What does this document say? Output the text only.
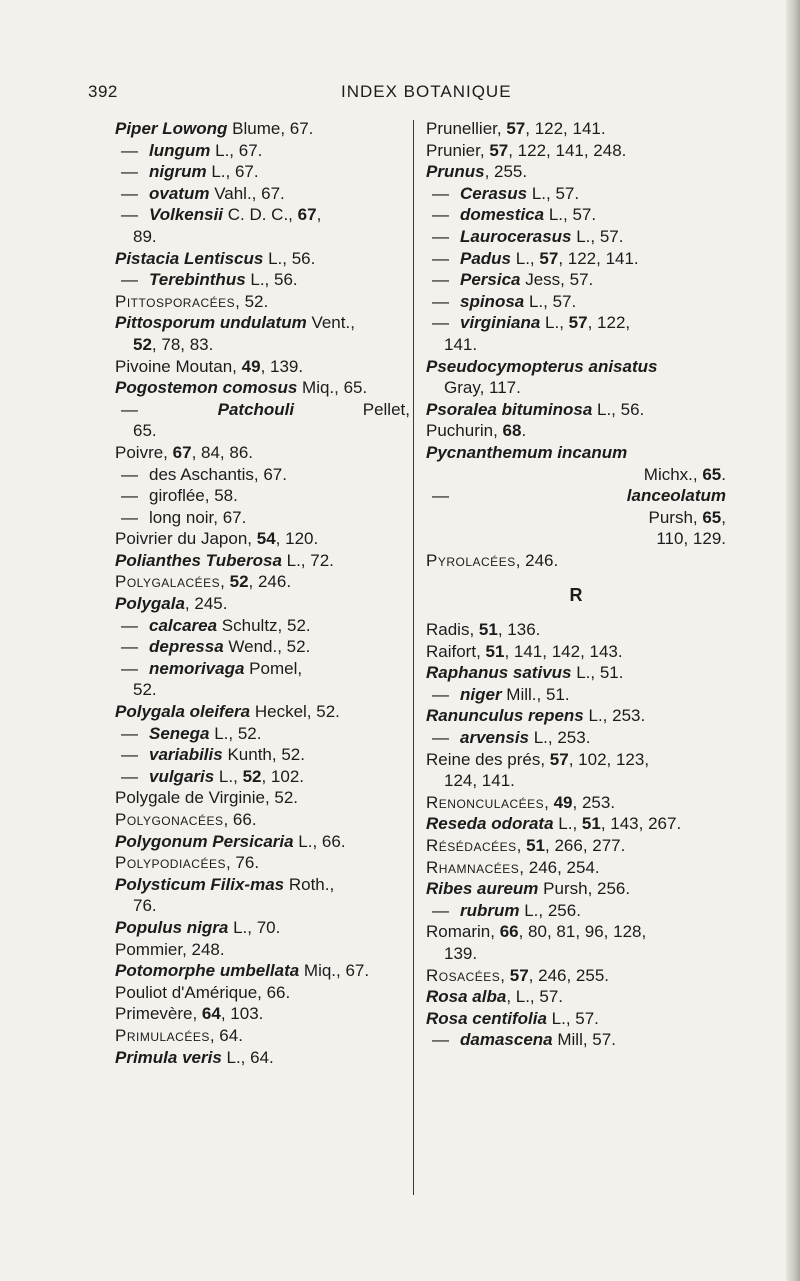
392	INDEX BOTANIQUE
Piper Lowong Blume, 67.
— lungum L., 67.
— nigrum L., 67.
— ovatum Vahl., 67.
— Volkensii C. D. C., 67,
89.
Pistacia Lentiscus L., 56.
— Terebinthus L., 56.
Pittosporacées, 52.
Pittosporum undulatum Vent.,
52, 78, 83.
Pivoine Moutan, 49, 139.
Pogostemon comosus Miq., 65.
—	Patchouli	Pellet,
65.
Poivre, 67, 84, 86.
— des Aschantis, 67.
— giroflée, 58.
— long noir, 67.
Poivrier du Japon, 54, 120.
Polianthes Tuberosa L., 72.
Polygalacées, 52, 246.
Polygala, 245.
— calcarea Schultz, 52.
— depressa Wend., 52.
— nemorivaga Pomel,
52.
Polygala oleifera Heckel, 52.
— Senega L., 52.
— variabilis Kunth, 52.
— vulgaris L., 52, 102.
Polygale de Virginie, 52.
Polygonacées, 66.
Polygonum Persicaria L., 66.
Polypodiacées, 76.
Polysticum Filix-mas Roth.,
76.
Populus nigra L., 70.
Pommier, 248.
Potomorphe umbellata Miq., 67.
Pouliot d'Amérique, 66.
Primevère, 64, 103.
Primulacées, 64.
Primula veris L., 64.
Prunellier, 57, 122, 141.
Prunier, 57, 122, 141, 248.
Prunus, 255.
— Cerasus L., 57.
— domestica L., 57.
— Laurocerasus L., 57.
— Padus L., 57, 122, 141.
— Persica Jess, 57.
— spinosa L., 57.
— virginiana L., 57, 122,
141.
Pseudocymopterus anisatus
Gray, 117.
Psoralea bituminosa L., 56.
Puchurin, 68.
Pycnanthemum incanum
Michx., 65.
—	lanceolatum
Pursh, 65,
110, 129.
Pyrolacées, 246.
R
Radis, 51, 136.
Raifort, 51, 141, 142, 143.
Raphanus sativus L., 51.
— niger Mill., 51.
Ranunculus repens L., 253.
— arvensis L., 253.
Reine des prés, 57, 102, 123,
124, 141.
Renonculacées, 49, 253.
Reseda odorata L., 51, 143, 267.
Résédacées, 51, 266, 277.
Rhamnacées, 246, 254.
Ribes aureum Pursh, 256.
— rubrum L., 256.
Romarin, 66, 80, 81, 96, 128,
139.
Rosacées, 57, 246, 255.
Rosa alba, L., 57.
Rosa centifolia L., 57.
— damascena Mill, 57.
